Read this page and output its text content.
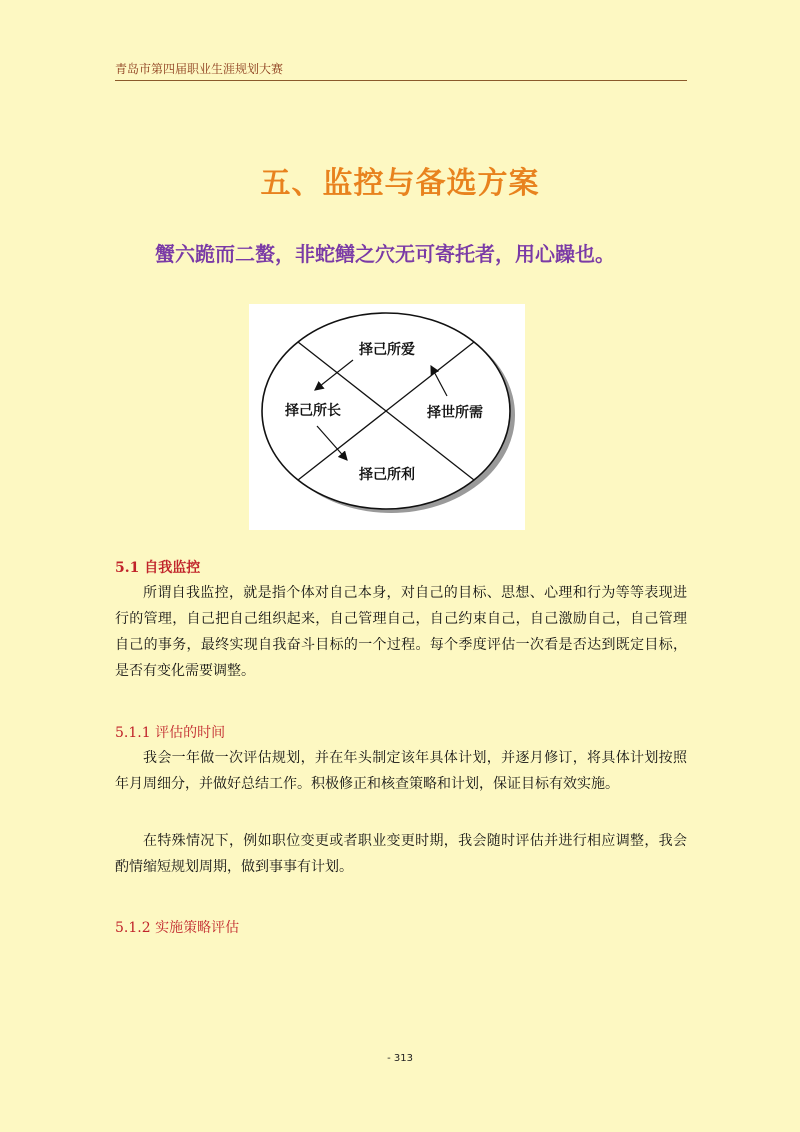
青岛市第四届职业生涯规划大赛
五、监控与备选方案
蟹六跪而二螯，非蛇鳝之穴无可寄托者，用心躁也。
择己所爱
择己所长	择世所需
择己所利
5.1 自我监控

所谓自我监控，就是指个体对自己本身，对自己的目标、思想、心理和行为等等表现进行的管理，自己把自己组织起来，自己管理自己，自己约束自己，自己激励自己，自己管理自己的事务，最终实现自我奋斗目标的一个过程。每个季度评估一次看是否达到既定目标，是否有变化需要调整。

5.1.1 评估的时间

我会一年做一次评估规划，并在年头制定该年具体计划，并逐月修订，将具体计划按照年月周细分，并做好总结工作。积极修正和核查策略和计划，保证目标有效实施。

在特殊情况下，例如职位变更或者职业变更时期，我会随时评估并进行相应调整，我会酌情缩短规划周期，做到事事有计划。

5.1.2 实施策略评估
- 313
